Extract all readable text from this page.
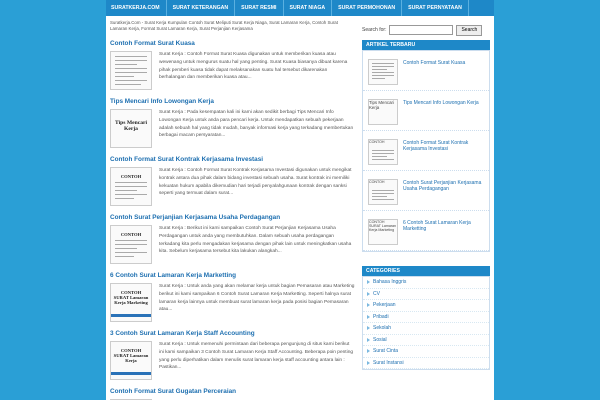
SURATKERJA.COM	SURAT KETERANGAN	SURAT RESMI	SURAT NIAGA	SURAT PERMOHONAN	SURAT PERNYATAAN
Suratkerja.Com - Surat Kerja Kumpulan Contoh Surat Meliputi Surat Kerja Niaga, Surat Lamaran Kerja, Contoh Surat Lamaran Kerja, Format Surat Lamaran Kerja, Surat Perjanjian Kerjasama	Search for:	Search
Contoh Format Surat Kuasa

Surat Kerja : Contoh Format Surat Kuasa digunakan untuk memberikan kuasa atau wewenang untuk mengurus suatu hal yang penting. Surat Kuasa biasanya dibuat karena pihak pemberi kuasa tidak dapat melaksanakan suatu hal tersebut dikarenakan berhalangan dan memberikan kuasa atau...

Tips Mencari Info Lowongan Kerja
Tips Mencari Kerja

Surat Kerja : Pada kesempatan kali ini kami akan sedikit berbagi Tips Mencari Info Lowongan Kerja untuk anda para pencari kerja. Untuk mendapatkan sebuah pekerjaan adalah sebuah hal yang tidak mudah, banyak informasi kerja yang terkadang membertukan berbagai macam persyaratan...

Contoh Format Surat Kontrak Kerjasama Investasi
CONTOH

Surat Kerja : Contoh Format Surat Kontrak Kerjasama Investasi digunakan untuk mengikat kontrak antara dua pihak dalam bidang investasi sebuah usaha. Surat kontrak ini memiliki kekuatan hukum apabila dikemudian hari terjadi penyalahgunaan kontrak dengan sanksi seperti yang termuat dalam surat...

Contoh Surat Perjanjian Kerjasama Usaha Perdagangan
CONTOH

Surat Kerja : Berikut ini kami sampaikan Contoh Surat Perjanjian Kerjasama Usaha Perdagangan untuk anda yang membutuhkan. Dalam sebuah usaha perdagangan terkadang kita perlu mengadakan kerjasama dengan pihak lain untuk meningkatkan usaha kita. Sebelum kerjasama tersebut kita lakukan alangkah...

6 Contoh Surat Lamaran Kerja Marketting
CONTOH SURAT Lamaran Kerja Marketing

Surat Kerja : Untuk anda yang akan melamar kerja untuk bagian Pemasaran atau Marketing berikut ini kami sampaikan 6 Contoh Surat Lamaran Kerja Marketting. Seperti halnya surat lamaran kerja lainnya untuk membuat surat lamaran kerja pada posisi bagian Pemasaran atau...

3 Contoh Surat Lamaran Kerja Staff Accounting
CONTOH SURAT Lamaran Kerja

Surat Kerja : Untuk memenuhi permintaan dari beberapa pengunjung di situs kami berikut ini kami sampaikan 3 Contoh Surat Lamaran Kerja Staff Accounting. Beberapa poin penting yang perlu diperhatikan dalam menulis surat lamaran kerja staff accounting antara lain : Pastikan...

Contoh Format Surat Gugatan Perceraian
ARTIKEL TERBARU
Contoh Format Surat Kuasa
Tips Mencari Kerja
Tips Mencari Info Lowongan Kerja
CONTOH	Contoh Format Surat Kontrak Kerjasama Investasi
CONTOH	Contoh Surat Perjanjian Kerjasama Usaha Perdagangan
CONTOH SURAT Lamaran Kerja Marketing
6 Contoh Surat Lamaran Kerja Marketting
CATEGORIES
Bahasa Inggris
CV
Pekerjaan
Pribadi
Sekolah
Sosial
Surat Cinta
Surat Instansi
